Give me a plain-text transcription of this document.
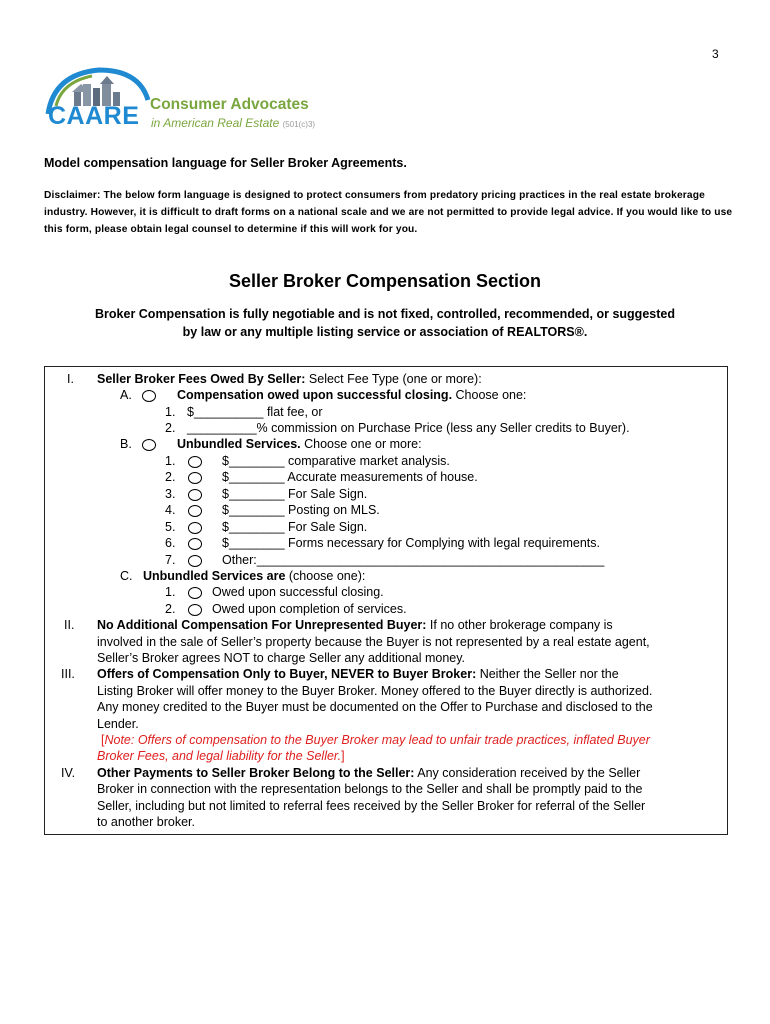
3
CAARE Consumer Advocates
in American Real Estate (501(c)3)
Model compensation language for Seller Broker Agreements.
Disclaimer: The below form language is designed to protect consumers from predatory pricing practices in the real estate brokerage industry. However, it is difficult to draft forms on a national scale and we are not permitted to provide legal advice. If you would like to use this form, please obtain legal counsel to determine if this will work for you.
Seller Broker Compensation Section
Broker Compensation is fully negotiable and is not fixed, controlled, recommended, or suggested
by law or any multiple listing service or association of REALTORS®.
I. Seller Broker Fees Owed By Seller: Select Fee Type (one or more):
A.	Compensation owed upon successful closing. Choose one:
1. $__________ flat fee, or
2. __________% commission on Purchase Price (less any Seller credits to Buyer).
B.	Unbundled Services. Choose one or more:
1.	$________ comparative market analysis.
2.	$________ Accurate measurements of house.
3.	$________ For Sale Sign.
4.	$________ Posting on MLS.
5.	$________ For Sale Sign.
6.	$________ Forms necessary for Complying with legal requirements.
7.	Other:__________________________________________________
C. Unbundled Services are (choose one):
1.	Owed upon successful closing.
2.	Owed upon completion of services.
II. No Additional Compensation For Unrepresented Buyer: If no other brokerage company is
involved in the sale of Seller’s property because the Buyer is not represented by a real estate agent,
Seller’s Broker agrees NOT to charge Seller any additional money.
III. Offers of Compensation Only to Buyer, NEVER to Buyer Broker: Neither the Seller nor the
Listing Broker will offer money to the Buyer Broker. Money offered to the Buyer directly is authorized.
Any money credited to the Buyer must be documented on the Offer to Purchase and disclosed to the
Lender.
[Note: Offers of compensation to the Buyer Broker may lead to unfair trade practices, inflated Buyer
Broker Fees, and legal liability for the Seller.]
IV. Other Payments to Seller Broker Belong to the Seller: Any consideration received by the Seller
Broker in connection with the representation belongs to the Seller and shall be promptly paid to the
Seller, including but not limited to referral fees received by the Seller Broker for referral of the Seller
to another broker.
